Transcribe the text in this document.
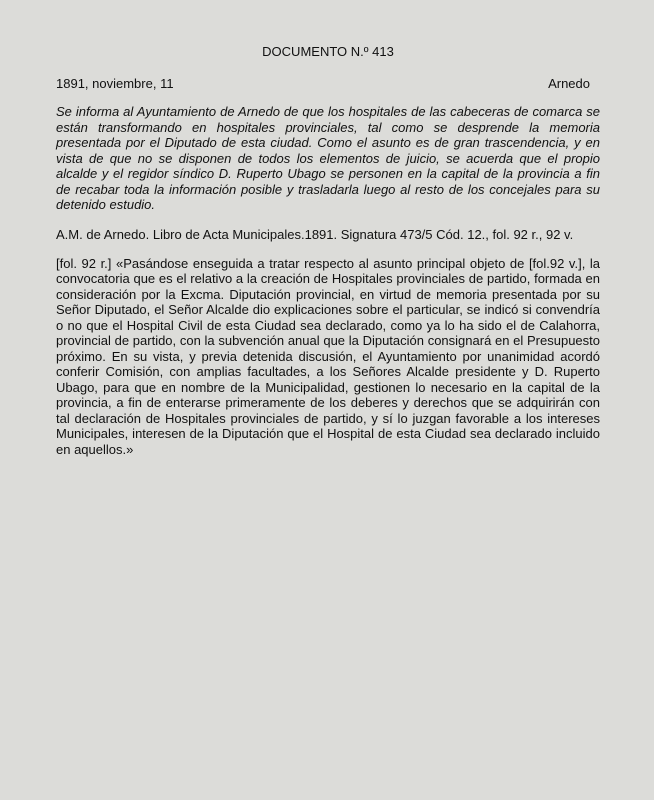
DOCUMENTO N.º 413
1891, noviembre, 11	Arnedo

Se informa al Ayuntamiento de Arnedo de que los hospitales de las cabeceras de comarca se están transformando en hospitales provinciales, tal como se desprende la memoria presentada por el Diputado de esta ciudad. Como el asunto es de gran trascendencia, y en vista de que no se disponen de todos los elementos de juicio, se acuerda que el propio alcalde y el regidor síndico D. Ruperto Ubago se personen en la capital de la provincia a fin de recabar toda la información posible y trasladarla luego al resto de los concejales para su detenido estudio.

A.M. de Arnedo. Libro de Acta Municipales.1891. Signatura 473/5 Cód. 12., fol. 92 r., 92 v.

[fol. 92 r.] «Pasándose enseguida a tratar respecto al asunto principal objeto de [fol.92 v.], la convocatoria que es el relativo a la creación de Hospitales provinciales de partido, formada en consideración por la Excma. Diputación provincial, en virtud de memoria presentada por su Señor Diputado, el Señor Alcalde dio explicaciones sobre el particular, se indicó si convendría o no que el Hospital Civil de esta Ciudad sea declarado, como ya lo ha sido el de Calahorra, provincial de partido, con la subvención anual que la Diputación consignará en el Presupuesto próximo. En su vista, y previa detenida discusión, el Ayuntamiento por unanimidad acordó conferir Comisión, con amplias facultades, a los Señores Alcalde presidente y D. Ruperto Ubago, para que en nombre de la Municipalidad, gestionen lo necesario en la capital de la provincia, a fin de enterarse primeramente de los deberes y derechos que se adquirirán con tal declaración de Hospitales provinciales de partido, y sí lo juzgan favorable a los intereses Municipales, interesen de la Diputación que el Hospital de esta Ciudad sea declarado incluido en aquellos.»
